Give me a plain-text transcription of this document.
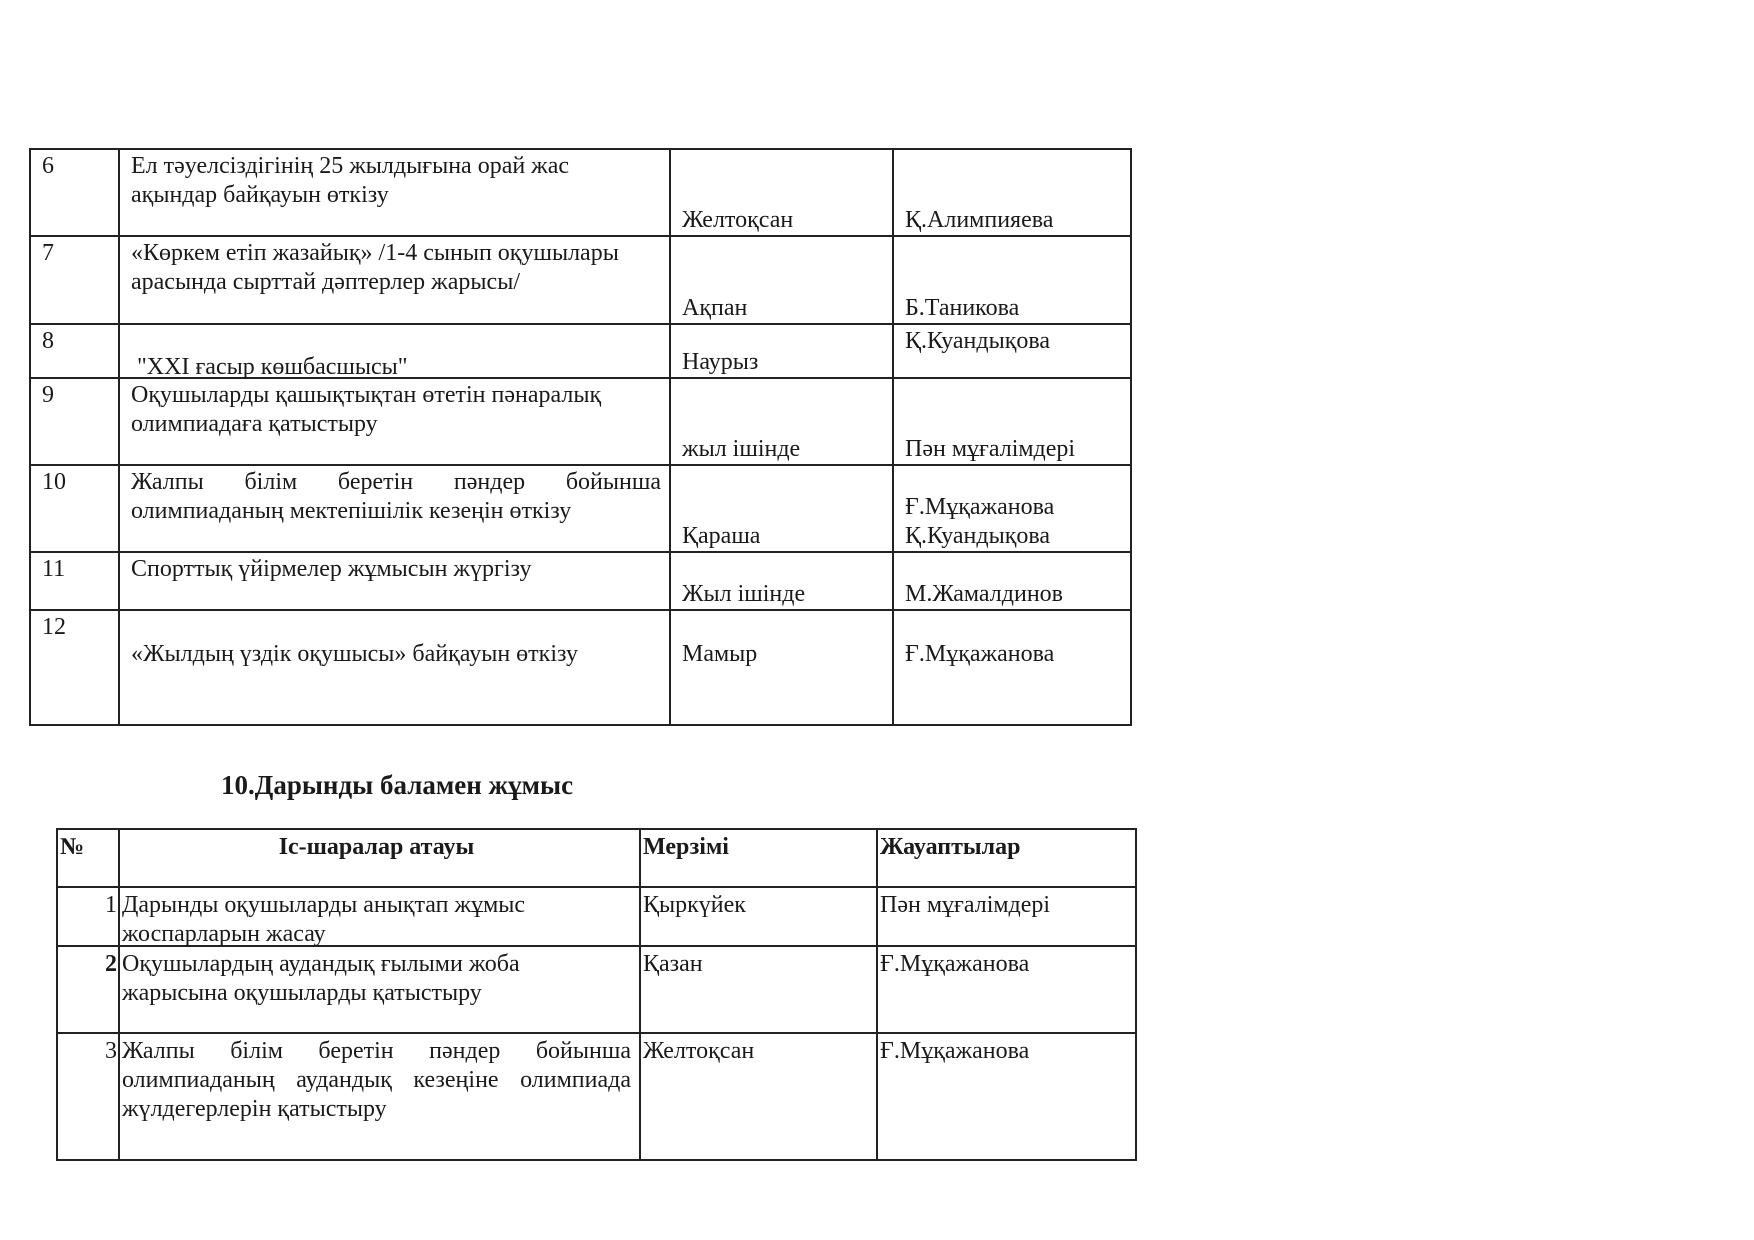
6	Ел тәуелсіздігінің 25 жылдығына орай жас ақындар байқауын өткізу	Желтоқсан	Қ.Алимпияева

7	«Көркем етіп жазайық» /1-4 сынып оқушылары арасында сырттай дәптерлер жарысы/	Ақпан	Б.Таникова

8	"XXI ғасыр көшбасшысы"	Наурыз	Қ.Куандықова

9	Оқушыларды қашықтықтан өтетін пәнаралық олимпиадаға қатыстыру	жыл ішінде	Пән мұғалімдері

10	Жалпы білім беретін пәндер бойынша олимпиаданың мектепішілік кезеңін өткізу	Қараша	Ғ.Мұқажанова Қ.Куандықова

11	Спорттық үйірмелер жұмысын жүргізу	Жыл ішінде	М.Жамалдинов

12	«Жылдың үздік оқушысы» байқауын өткізу	Мамыр	Ғ.Мұқажанова
10.Дарынды баламен жұмыс
№	Іс-шаралар атауы	Мерзімі	Жауаптылар

1	Дарынды оқушыларды анықтап жұмыс жоспарларын жасау	Қыркүйек	Пән мұғалімдері

2	Оқушылардың аудандық ғылыми жоба жарысына оқушыларды қатыстыру	Қазан	Ғ.Мұқажанова

3	Жалпы білім беретін пәндер бойынша олимпиаданың аудандық кезеңіне олимпиада жүлдегерлерін қатыстыру	Желтоқсан	Ғ.Мұқажанова
